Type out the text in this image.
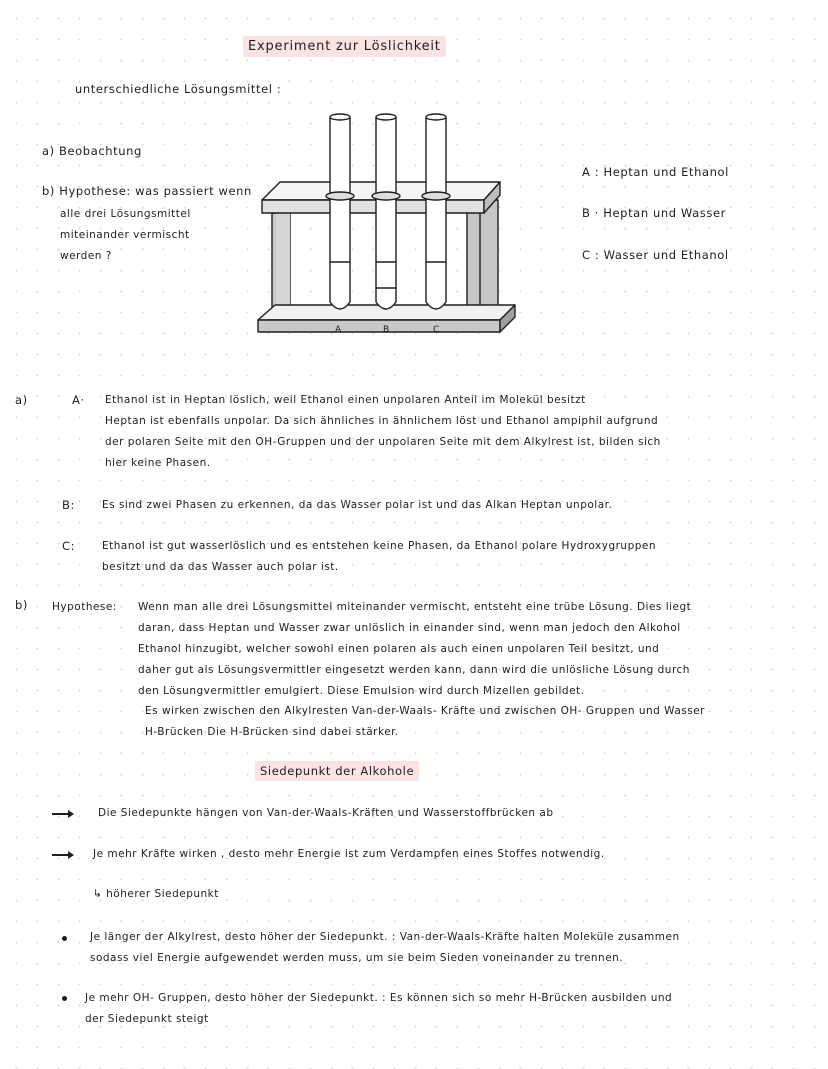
Experiment zur Löslichkeit
unterschiedliche Lösungsmittel :
a) Beobachtung
b) Hypothese: was passiert wenn
alle drei Lösungsmittel
miteinander vermischt
werden ?
A	B	C
A : Heptan und Ethanol
B · Heptan und Wasser
C : Wasser und Ethanol
a)	A· Ethanol ist in Heptan löslich, weil Ethanol einen unpolaren Anteil im Molekül besitzt
Heptan ist ebenfalls unpolar. Da sich ähnliches in ähnlichem löst und Ethanol ampiphil aufgrund
der polaren Seite mit den OH-Gruppen und der unpolaren Seite mit dem Alkylrest ist, bilden sich
hier keine Phasen.
B:	Es sind zwei Phasen zu erkennen, da das Wasser polar ist und das Alkan Heptan unpolar.
C:	Ethanol ist gut wasserlöslich und es entstehen keine Phasen, da Ethanol polare Hydroxygruppen
besitzt und da das Wasser auch polar ist.
b) Hypothese: Wenn man alle drei Lösungsmittel miteinander vermischt, entsteht eine trübe Lösung. Dies liegt
daran, dass Heptan und Wasser zwar unlöslich in einander sind, wenn man jedoch den Alkohol
Ethanol hinzugibt, welcher sowohl einen polaren als auch einen unpolaren Teil besitzt, und
daher gut als Lösungsvermittler eingesetzt werden kann, dann wird die unlösliche Lösung durch
den Lösungvermittler emulgiert. Diese Emulsion wird durch Mizellen gebildet.
Es wirken zwischen den Alkylresten Van-der-Waals- Kräfte und zwischen OH- Gruppen und Wasser
H-Brücken Die H-Brücken sind dabei stärker.
Siedepunkt der Alkohole
Die Siedepunkte hängen von Van-der-Waals-Kräften und Wasserstoffbrücken ab
Je mehr Kräfte wirken , desto mehr Energie ist zum Verdampfen eines Stoffes notwendig.
↳ höherer Siedepunkt
Je länger der Alkylrest, desto höher der Siedepunkt. : Van-der-Waals-Kräfte halten Moleküle zusammen
sodass viel Energie aufgewendet werden muss, um sie beim Sieden voneinander zu trennen.
Je mehr OH- Gruppen, desto höher der Siedepunkt. : Es können sich so mehr H-Brücken ausbilden und
der Siedepunkt steigt
